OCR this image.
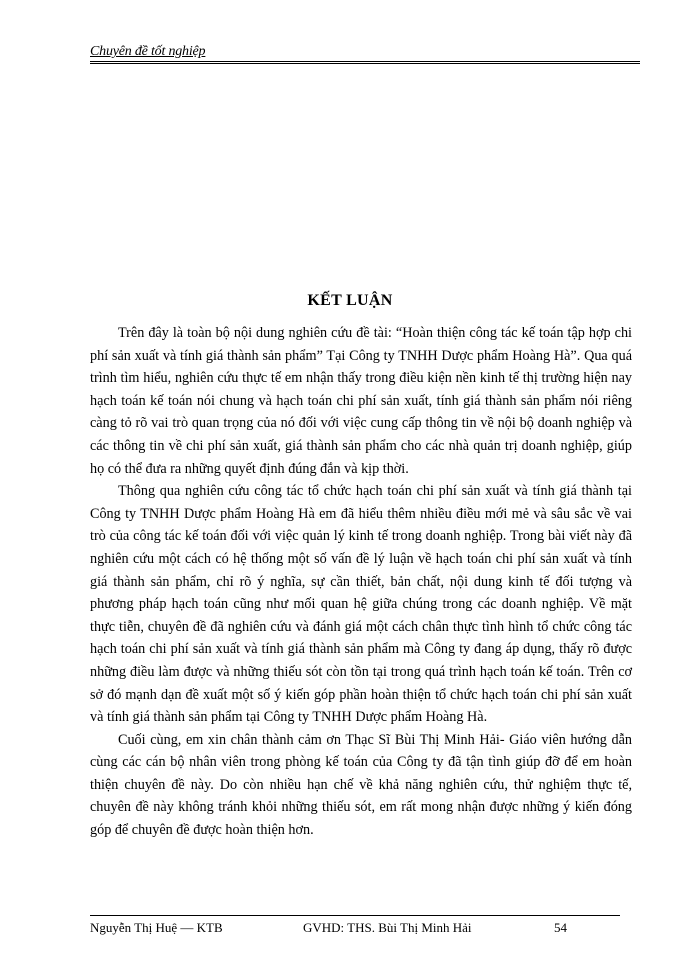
Chuyên đề tốt nghiệp
KẾT LUẬN

Trên đây là toàn bộ nội dung nghiên cứu đề tài: “Hoàn thiện công tác kế toán tập hợp chi phí sản xuất và tính giá thành sản phẩm” Tại Công ty TNHH Dược phẩm Hoàng Hà”. Qua quá trình tìm hiểu, nghiên cứu thực tế em nhận thấy trong điều kiện nền kinh tế thị trường hiện nay hạch toán kế toán nói chung và hạch toán chi phí sản xuất, tính giá thành sản phẩm nói riêng càng tỏ rõ vai trò quan trọng của nó đối với việc cung cấp thông tin về nội bộ doanh nghiệp và các thông tin về chi phí sản xuất, giá thành sản phẩm cho các nhà quản trị doanh nghiệp, giúp họ có thể đưa ra những quyết định đúng đắn và kịp thời.

Thông qua nghiên cứu công tác tổ chức hạch toán chi phí sản xuất và tính giá thành tại Công ty TNHH Dược phẩm Hoàng Hà em đã hiểu thêm nhiều điều mới mẻ và sâu sắc về vai trò của công tác kế toán đối với việc quản lý kinh tế trong doanh nghiệp. Trong bài viết này đã nghiên cứu một cách có hệ thống một số vấn đề lý luận về hạch toán chi phí sản xuất và tính giá thành sản phẩm, chỉ rõ ý nghĩa, sự cần thiết, bản chất, nội dung kinh tế đối tượng và phương pháp hạch toán cũng như mối quan hệ giữa chúng trong các doanh nghiệp. Về mặt thực tiễn, chuyên đề đã nghiên cứu và đánh giá một cách chân thực tình hình tổ chức công tác hạch toán chi phí sản xuất và tính giá thành sản phẩm mà Công ty đang áp dụng, thấy rõ được những điều làm được và những thiếu sót còn tồn tại trong quá trình hạch toán kế toán. Trên cơ sở đó mạnh dạn đề xuất một số ý kiến góp phần hoàn thiện tổ chức hạch toán chi phí sản xuất và tính giá thành sản phẩm tại Công ty TNHH Dược phẩm Hoàng Hà.

Cuối cùng, em xin chân thành cảm ơn Thạc Sĩ Bùi Thị Minh Hải- Giáo viên hướng dẫn cùng các cán bộ nhân viên trong phòng kế toán của Công ty đã tận tình giúp đỡ để em hoàn thiện chuyên đề này. Do còn nhiều hạn chế về khả năng nghiên cứu, thử nghiệm thực tế, chuyên đề này không tránh khỏi những thiếu sót, em rất mong nhận được những ý kiến đóng góp để chuyên đề được hoàn thiện hơn.

Nguyễn Thị Huệ — KTB	GVHD: THS. Bùi Thị Minh Hải	54
